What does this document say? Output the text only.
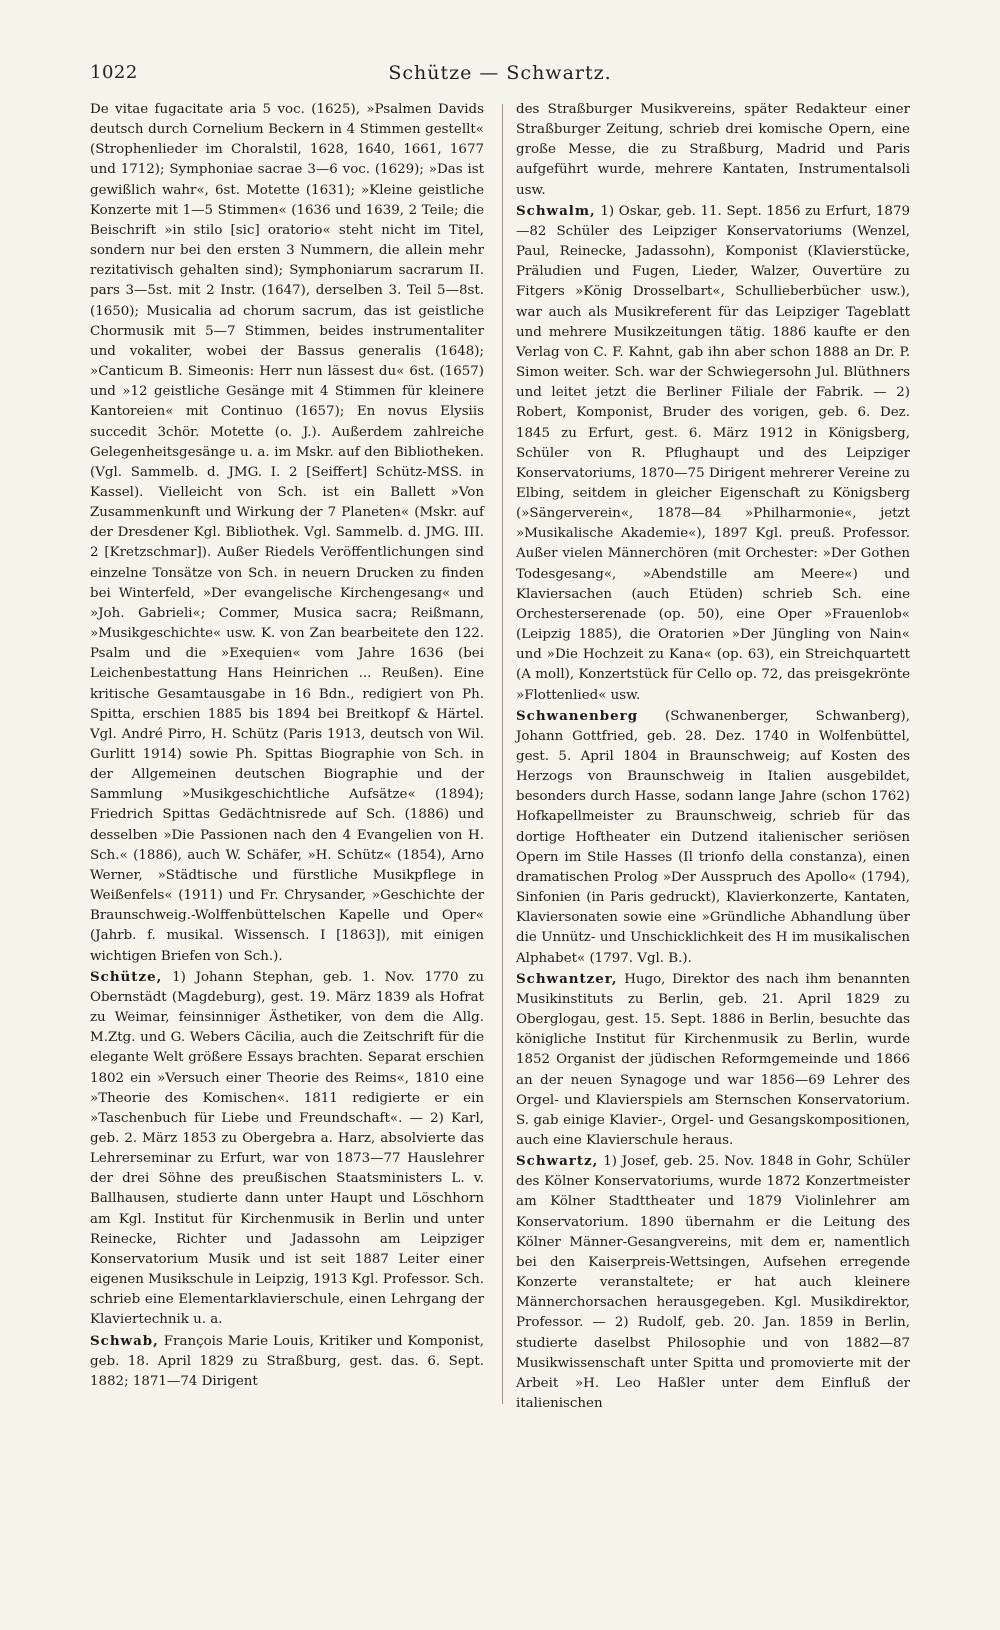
1022	Schütze — Schwartz.

De vitae fugacitate aria 5 voc. (1625), »Psalmen Davids deutsch durch Cornelium Beckern in 4 Stimmen gestellt« (Strophenlieder im Choralstil, 1628, 1640, 1661, 1677 und 1712); Symphoniae sacrae 3—6 voc. (1629); »Das ist gewißlich wahr«, 6st. Motette (1631); »Kleine geistliche Konzerte mit 1—5 Stimmen« (1636 und 1639, 2 Teile; die Beischrift »in stilo [sic] oratorio« steht nicht im Titel, sondern nur bei den ersten 3 Nummern, die allein mehr rezitativisch gehalten sind); Symphoniarum sacrarum II. pars 3—5st. mit 2 Instr. (1647), derselben 3. Teil 5—8st. (1650); Musicalia ad chorum sacrum, das ist geistliche Chormusik mit 5—7 Stimmen, beides instrumentaliter und vokaliter, wobei der Bassus generalis (1648); »Canticum B. Simeonis: Herr nun lässest du« 6st. (1657) und »12 geistliche Gesänge mit 4 Stimmen für kleinere Kantoreien« mit Continuo (1657); En novus Elysiis succedit 3chör. Motette (o. J.). Außerdem zahlreiche Gelegenheitsgesänge u. a. im Mskr. auf den Bibliotheken. (Vgl. Sammelb. d. JMG. I. 2 [Seiffert] Schütz-MSS. in Kassel). Vielleicht von Sch. ist ein Ballett »Von Zusammenkunft und Wirkung der 7 Planeten« (Mskr. auf der Dresdener Kgl. Bibliothek. Vgl. Sammelb. d. JMG. III. 2 [Kretzschmar]). Außer Riedels Veröffentlichungen sind einzelne Tonsätze von Sch. in neuern Drucken zu finden bei Winterfeld, »Der evangelische Kirchengesang« und »Joh. Gabrieli«; Commer, Musica sacra; Reißmann, »Musikgeschichte« usw. K. von Zan bearbeitete den 122. Psalm und die »Exequien« vom Jahre 1636 (bei Leichenbestattung Hans Heinrichen ... Reußen). Eine kritische Gesamtausgabe in 16 Bdn., redigiert von Ph. Spitta, erschien 1885 bis 1894 bei Breitkopf & Härtel. Vgl. André Pirro, H. Schütz (Paris 1913, deutsch von Wil. Gurlitt 1914) sowie Ph. Spittas Biographie von Sch. in der Allgemeinen deutschen Biographie und der Sammlung »Musikgeschichtliche Aufsätze« (1894); Friedrich Spittas Gedächtnisrede auf Sch. (1886) und desselben »Die Passionen nach den 4 Evangelien von H. Sch.« (1886), auch W. Schäfer, »H. Schütz« (1854), Arno Werner, »Städtische und fürstliche Musikpflege in Weißenfels« (1911) und Fr. Chrysander, »Geschichte der Braunschweig.-Wolffenbüttelschen Kapelle und Oper« (Jahrb. f. musikal. Wissensch. I [1863]), mit einigen wichtigen Briefen von Sch.).

Schütze, 1) Johann Stephan, geb. 1. Nov. 1770 zu Obernstädt (Magdeburg), gest. 19. März 1839 als Hofrat zu Weimar, feinsinniger Ästhetiker, von dem die Allg. M.Ztg. und G. Webers Cäcilia, auch die Zeitschrift für die elegante Welt größere Essays brachten. Separat erschien 1802 ein »Versuch einer Theorie des Reims«, 1810 eine »Theorie des Komischen«. 1811 redigierte er ein »Taschenbuch für Liebe und Freundschaft«. — 2) Karl, geb. 2. März 1853 zu Obergebra a. Harz, absolvierte das Lehrerseminar zu Erfurt, war von 1873—77 Hauslehrer der drei Söhne des preußischen Staatsministers L. v. Ballhausen, studierte dann unter Haupt und Löschhorn am Kgl. Institut für Kirchenmusik in Berlin und unter Reinecke, Richter und Jadassohn am Leipziger Konservatorium Musik und ist seit 1887 Leiter einer eigenen Musikschule in Leipzig, 1913 Kgl. Professor. Sch. schrieb eine Elementarklavierschule, einen Lehrgang der Klaviertechnik u. a.

Schwab, François Marie Louis, Kritiker und Komponist, geb. 18. April 1829 zu Straßburg, gest. das. 6. Sept. 1882; 1871—74 Dirigent

des Straßburger Musikvereins, später Redakteur einer Straßburger Zeitung, schrieb drei komische Opern, eine große Messe, die zu Straßburg, Madrid und Paris aufgeführt wurde, mehrere Kantaten, Instrumentalsoli usw.

Schwalm, 1) Oskar, geb. 11. Sept. 1856 zu Erfurt, 1879—82 Schüler des Leipziger Konservatoriums (Wenzel, Paul, Reinecke, Jadassohn), Komponist (Klavierstücke, Präludien und Fugen, Lieder, Walzer, Ouvertüre zu Fitgers »König Drosselbart«, Schullieberbücher usw.), war auch als Musikreferent für das Leipziger Tageblatt und mehrere Musikzeitungen tätig. 1886 kaufte er den Verlag von C. F. Kahnt, gab ihn aber schon 1888 an Dr. P. Simon weiter. Sch. war der Schwiegersohn Jul. Blüthners und leitet jetzt die Berliner Filiale der Fabrik. — 2) Robert, Komponist, Bruder des vorigen, geb. 6. Dez. 1845 zu Erfurt, gest. 6. März 1912 in Königsberg, Schüler von R. Pflughaupt und des Leipziger Konservatoriums, 1870—75 Dirigent mehrerer Vereine zu Elbing, seitdem in gleicher Eigenschaft zu Königsberg (»Sängerverein«, 1878—84 »Philharmonie«, jetzt »Musikalische Akademie«), 1897 Kgl. preuß. Professor. Außer vielen Männerchören (mit Orchester: »Der Gothen Todesgesang«, »Abendstille am Meere«) und Klaviersachen (auch Etüden) schrieb Sch. eine Orchesterserenade (op. 50), eine Oper »Frauenlob« (Leipzig 1885), die Oratorien »Der Jüngling von Nain« und »Die Hochzeit zu Kana« (op. 63), ein Streichquartett (A moll), Konzertstück für Cello op. 72, das preisgekrönte »Flottenlied« usw.

Schwanenberg (Schwanenberger, Schwanberg), Johann Gottfried, geb. 28. Dez. 1740 in Wolfenbüttel, gest. 5. April 1804 in Braunschweig; auf Kosten des Herzogs von Braunschweig in Italien ausgebildet, besonders durch Hasse, sodann lange Jahre (schon 1762) Hofkapellmeister zu Braunschweig, schrieb für das dortige Hoftheater ein Dutzend italienischer seriösen Opern im Stile Hasses (Il trionfo della constanza), einen dramatischen Prolog »Der Ausspruch des Apollo« (1794), Sinfonien (in Paris gedruckt), Klavierkonzerte, Kantaten, Klaviersonaten sowie eine »Gründliche Abhandlung über die Unnütz- und Unschicklichkeit des H im musikalischen Alphabet« (1797. Vgl. B.).

Schwantzer, Hugo, Direktor des nach ihm benannten Musikinstituts zu Berlin, geb. 21. April 1829 zu Oberglogau, gest. 15. Sept. 1886 in Berlin, besuchte das königliche Institut für Kirchenmusik zu Berlin, wurde 1852 Organist der jüdischen Reformgemeinde und 1866 an der neuen Synagoge und war 1856—69 Lehrer des Orgel- und Klavierspiels am Sternschen Konservatorium. S. gab einige Klavier-, Orgel- und Gesangskompositionen, auch eine Klavierschule heraus.

Schwartz, 1) Josef, geb. 25. Nov. 1848 in Gohr, Schüler des Kölner Konservatoriums, wurde 1872 Konzertmeister am Kölner Stadttheater und 1879 Violinlehrer am Konservatorium. 1890 übernahm er die Leitung des Kölner Männer-Gesangvereins, mit dem er, namentlich bei den Kaiserpreis-Wettsingen, Aufsehen erregende Konzerte veranstaltete; er hat auch kleinere Männerchorsachen herausgegeben. Kgl. Musikdirektor, Professor. — 2) Rudolf, geb. 20. Jan. 1859 in Berlin, studierte daselbst Philosophie und von 1882—87 Musikwissenschaft unter Spitta und promovierte mit der Arbeit »H. Leo Haßler unter dem Einfluß der italienischen
